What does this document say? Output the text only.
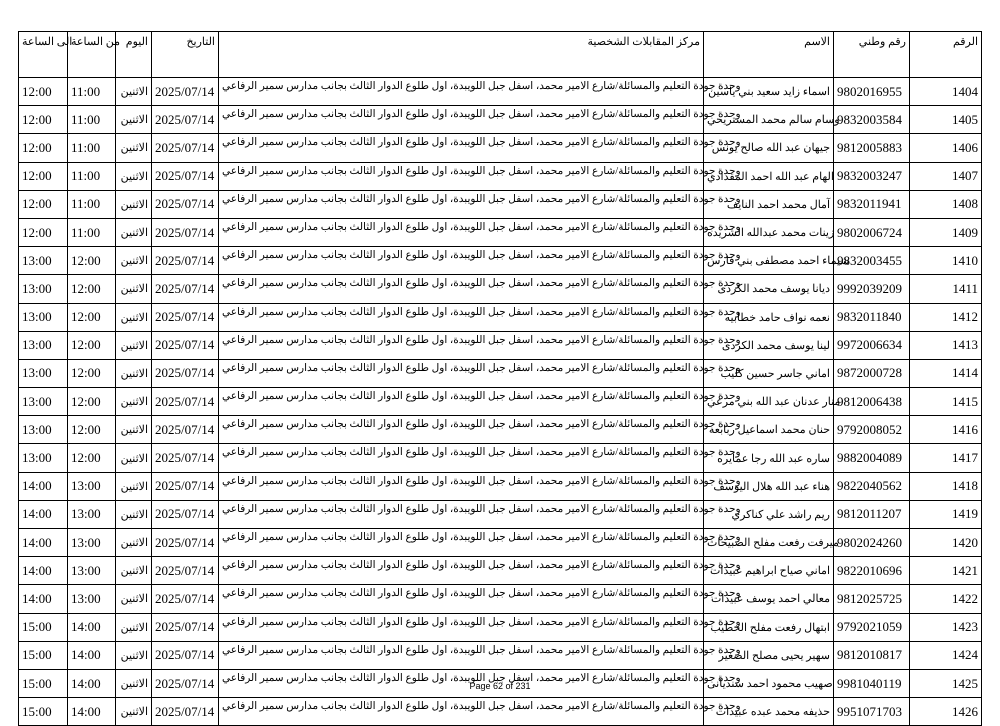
الى الساعة	من الساعة	اليوم	التاريخ	مركز المقابلات الشخصية	الاسم	رقم وطني	الرقم
12:00	11:00	الاثنين	2025/07/14	وحدة جودة التعليم والمسائلة/شارع الامير محمد، اسفل جبل اللويبدة، اول طلوع الدوار الثالث بجانب مدارس سمير الرفاعي	اسماء زايد سعيد بني ياسين	9802016955	1404
12:00	11:00	الاثنين	2025/07/14	وحدة جودة التعليم والمسائلة/شارع الامير محمد، اسفل جبل اللويبدة، اول طلوع الدوار الثالث بجانب مدارس سمير الرفاعي	وسام سالم محمد المستريحي	9832003584	1405
12:00	11:00	الاثنين	2025/07/14	وحدة جودة التعليم والمسائلة/شارع الامير محمد، اسفل جبل اللويبدة، اول طلوع الدوار الثالث بجانب مدارس سمير الرفاعي	جيهان عبد الله صالح يونس	9812005883	1406
12:00	11:00	الاثنين	2025/07/14	وحدة جودة التعليم والمسائلة/شارع الامير محمد، اسفل جبل اللويبدة، اول طلوع الدوار الثالث بجانب مدارس سمير الرفاعي	الهام عبد الله احمد المقدادي	9832003247	1407
12:00	11:00	الاثنين	2025/07/14	وحدة جودة التعليم والمسائلة/شارع الامير محمد، اسفل جبل اللويبدة، اول طلوع الدوار الثالث بجانب مدارس سمير الرفاعي	آمال محمد احمد النايف	9832011941	1408
12:00	11:00	الاثنين	2025/07/14	وحدة جودة التعليم والمسائلة/شارع الامير محمد، اسفل جبل اللويبدة، اول طلوع الدوار الثالث بجانب مدارس سمير الرفاعي	زينات محمد عبدالله الشريده	9802006724	1409
13:00	12:00	الاثنين	2025/07/14	وحدة جودة التعليم والمسائلة/شارع الامير محمد، اسفل جبل اللويبدة، اول طلوع الدوار الثالث بجانب مدارس سمير الرفاعي	شيماء احمد مصطفى بني فارس	9832003455	1410
13:00	12:00	الاثنين	2025/07/14	وحدة جودة التعليم والمسائلة/شارع الامير محمد، اسفل جبل اللويبدة، اول طلوع الدوار الثالث بجانب مدارس سمير الرفاعي	ديانا يوسف محمد الكردى	9992039209	1411
13:00	12:00	الاثنين	2025/07/14	وحدة جودة التعليم والمسائلة/شارع الامير محمد، اسفل جبل اللويبدة، اول طلوع الدوار الثالث بجانب مدارس سمير الرفاعي	نعمه نواف حامد خطابيه	9832011840	1412
13:00	12:00	الاثنين	2025/07/14	وحدة جودة التعليم والمسائلة/شارع الامير محمد، اسفل جبل اللويبدة، اول طلوع الدوار الثالث بجانب مدارس سمير الرفاعي	لينا يوسف محمد الكردى	9972006634	1413
13:00	12:00	الاثنين	2025/07/14	وحدة جودة التعليم والمسائلة/شارع الامير محمد، اسفل جبل اللويبدة، اول طلوع الدوار الثالث بجانب مدارس سمير الرفاعي	اماني جاسر حسين كليب	9872000728	1414
13:00	12:00	الاثنين	2025/07/14	وحدة جودة التعليم والمسائلة/شارع الامير محمد، اسفل جبل اللويبدة، اول طلوع الدوار الثالث بجانب مدارس سمير الرفاعي	منار عدنان عبد الله بني مرعي	9812006438	1415
13:00	12:00	الاثنين	2025/07/14	وحدة جودة التعليم والمسائلة/شارع الامير محمد، اسفل جبل اللويبدة، اول طلوع الدوار الثالث بجانب مدارس سمير الرفاعي	حنان محمد اسماعيل ربابعه	9792008052	1416
13:00	12:00	الاثنين	2025/07/14	وحدة جودة التعليم والمسائلة/شارع الامير محمد، اسفل جبل اللويبدة، اول طلوع الدوار الثالث بجانب مدارس سمير الرفاعي	ساره عبد الله رجا عمايره	9882004089	1417
14:00	13:00	الاثنين	2025/07/14	وحدة جودة التعليم والمسائلة/شارع الامير محمد، اسفل جبل اللويبدة، اول طلوع الدوار الثالث بجانب مدارس سمير الرفاعي	هناء عبد الله هلال اليوسف	9822040562	1418
14:00	13:00	الاثنين	2025/07/14	وحدة جودة التعليم والمسائلة/شارع الامير محمد، اسفل جبل اللويبدة، اول طلوع الدوار الثالث بجانب مدارس سمير الرفاعي	ريم راشد علي كناكري	9812011207	1419
14:00	13:00	الاثنين	2025/07/14	وحدة جودة التعليم والمسائلة/شارع الامير محمد، اسفل جبل اللويبدة، اول طلوع الدوار الثالث بجانب مدارس سمير الرفاعي	ميرفت رفعت مفلح الصبيحات	9802024260	1420
14:00	13:00	الاثنين	2025/07/14	وحدة جودة التعليم والمسائلة/شارع الامير محمد، اسفل جبل اللويبدة، اول طلوع الدوار الثالث بجانب مدارس سمير الرفاعي	اماني صياح ابراهيم عبيدات	9822010696	1421
14:00	13:00	الاثنين	2025/07/14	وحدة جودة التعليم والمسائلة/شارع الامير محمد، اسفل جبل اللويبدة، اول طلوع الدوار الثالث بجانب مدارس سمير الرفاعي	معالي احمد يوسف عبيدات	9812025725	1422
15:00	14:00	الاثنين	2025/07/14	وحدة جودة التعليم والمسائلة/شارع الامير محمد، اسفل جبل اللويبدة، اول طلوع الدوار الثالث بجانب مدارس سمير الرفاعي	ابتهال رفعت مفلح الخطيب	9792021059	1423
15:00	14:00	الاثنين	2025/07/14	وحدة جودة التعليم والمسائلة/شارع الامير محمد، اسفل جبل اللويبدة، اول طلوع الدوار الثالث بجانب مدارس سمير الرفاعي	سهير يحيى مصلح الصغير	9812010817	1424
15:00	14:00	الاثنين	2025/07/14	وحدة جودة التعليم والمسائلة/شارع الامير محمد، اسفل جبل اللويبدة، اول طلوع الدوار الثالث بجانب مدارس سمير الرفاعي	صهيب محمود احمد سنديانى	9981040119	1425
15:00	14:00	الاثنين	2025/07/14	وحدة جودة التعليم والمسائلة/شارع الامير محمد، اسفل جبل اللويبدة، اول طلوع الدوار الثالث بجانب مدارس سمير الرفاعي	حذيفه محمد عبده عبيدات	9951071703	1426
Page 62 of 231
